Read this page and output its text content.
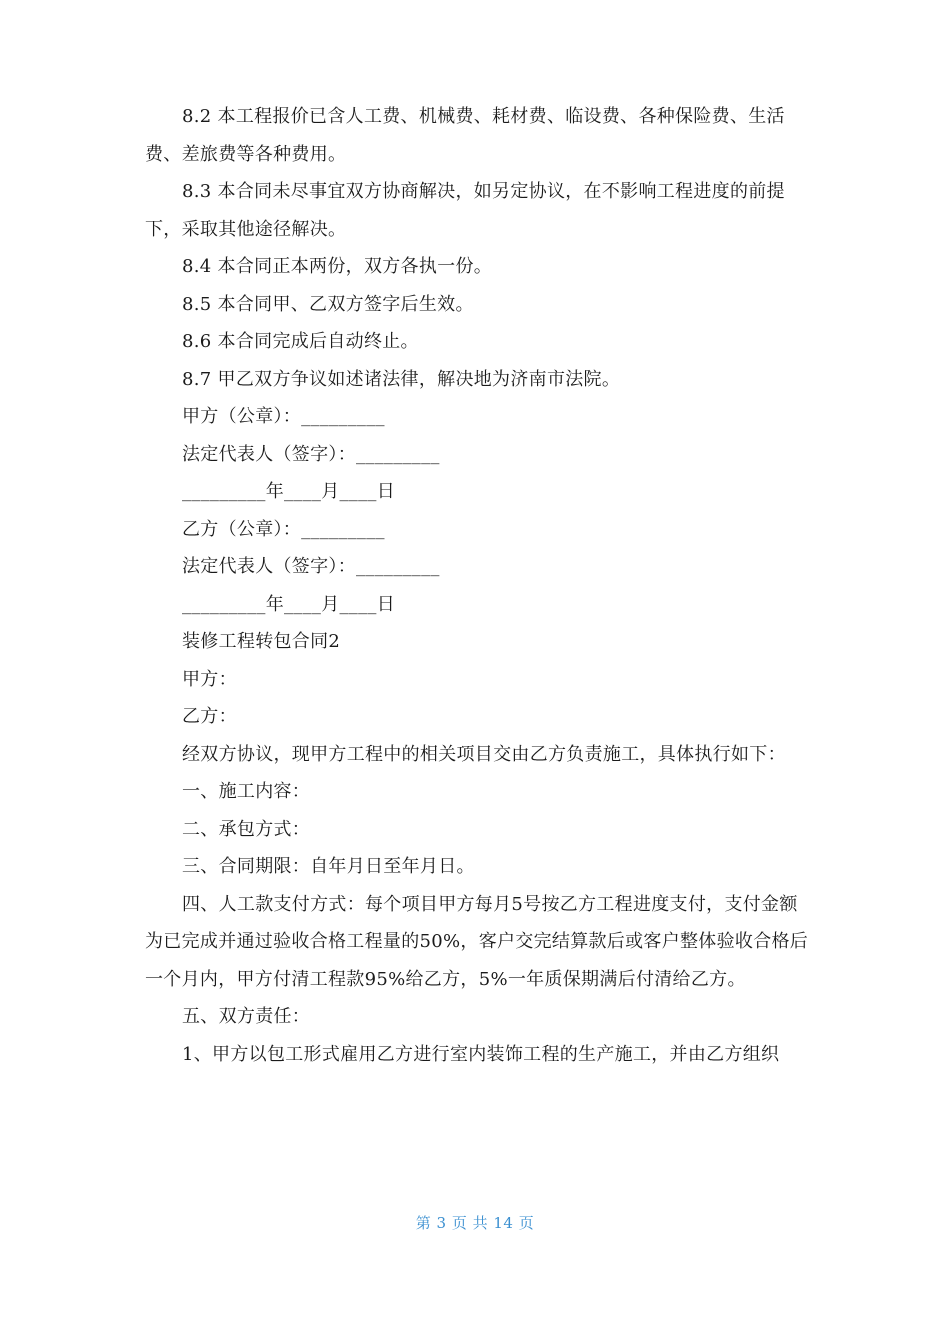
8.2 本工程报价已含人工费、机械费、耗材费、临设费、各种保险费、生活费、差旅费等各种费用。

8.3 本合同未尽事宜双方协商解决，如另定协议，在不影响工程进度的前提下，采取其他途径解决。

8.4 本合同正本两份，双方各执一份。

8.5 本合同甲、乙双方签字后生效。

8.6 本合同完成后自动终止。

8.7 甲乙双方争议如述诸法律，解决地为济南市法院。

甲方（公章）：_________

法定代表人（签字）：_________

_________年____月____日

乙方（公章）：_________

法定代表人（签字）：_________

_________年____月____日

装修工程转包合同2

甲方：

乙方：

经双方协议，现甲方工程中的相关项目交由乙方负责施工，具体执行如下：

一、施工内容：

二、承包方式：

三、合同期限：自年月日至年月日。

四、人工款支付方式：每个项目甲方每月5号按乙方工程进度支付，支付金额为已完成并通过验收合格工程量的50%，客户交完结算款后或客户整体验收合格后一个月内，甲方付清工程款95%给乙方，5%一年质保期满后付清给乙方。

五、双方责任：

1、甲方以包工形式雇用乙方进行室内装饰工程的生产施工，并由乙方组织

第 3 页 共 14 页
